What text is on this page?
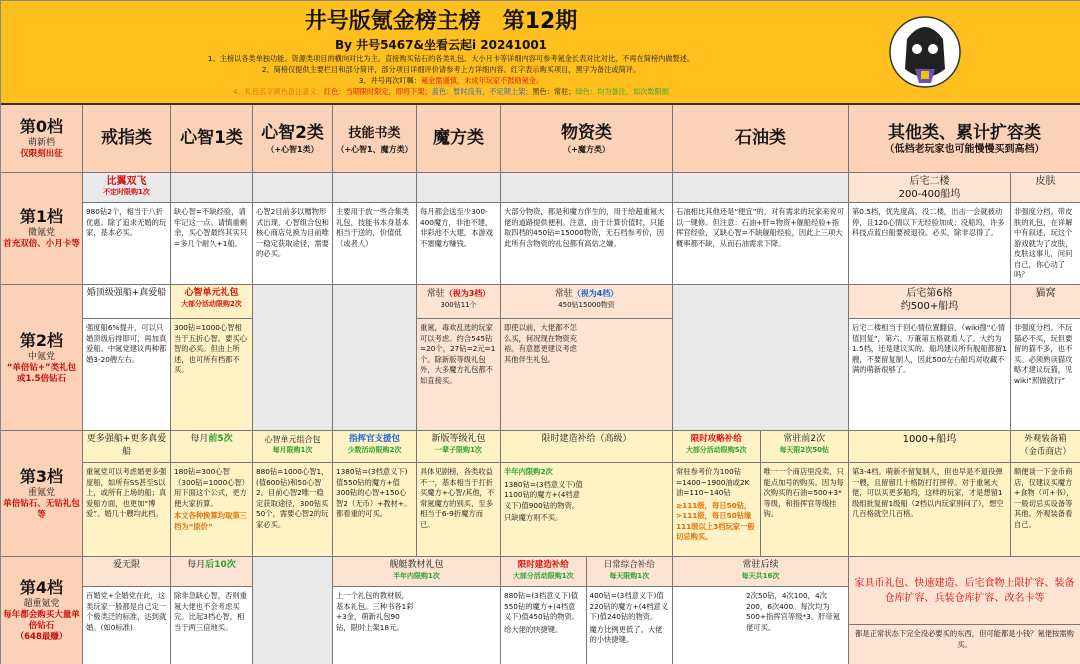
井号版氪金榜主榜　第12期
By 井号5467&坐看云起i 20241001
1、主榜以各类单独功能、资源类项目的横向对比为主。直接购买钻石的各类礼包、大小月卡等详细内容可参考氪金长表对比对比，不再在简榜内做赘述。
2、简榜仅提供主要栏目和部分简评，部分项目详细评价请参考上方详细内容。红字表示购买项目，黑字为备注或简评。
3、井号再次叮嘱：氪金需谨慎，未成年玩家不鼓励氪金。
4、礼包名字颜色备注意义：红色：当期限时限定，即将下架；蓝色：暂时没有，不定期上架；黑色：常驻；绿色：均为备注，如次数限制
第0档
萌新档
仅限刻出征
戒指类 心智1类 心智2类
（+心智1类）
技能书类
（+心智1、魔方类）
魔方类	物资类
（+魔方类）
石油类	其他类、累计扩容类
（低档老玩家也可能慢慢买到高档）
第1档
微氪党
首充双倍、小月卡等
比翼双飞
不定时限购1次
980钻2个，相当于八折优惠。除了追求无婚的玩家，基本必买。
缺心智=不缺经验，请牢记这一点。请慎重剩余，买心智最终其实只=多几个耐久+1船。
心智2目前多以赠物形式出现，心智组合包和核心商店兑换为目前唯一稳定获取途径，需要的必买。
主要用于放一些合集类礼包，技能书本身基本相当于送的，价值低（或者人）
每月都会送至少300-400魔方，非池不建，非彩池不大建，本游戏不塞魔方赚钱。
大部分物资，都是和魔方伴生的，用于给超重氪大佬的道路提供便利。注意，由于计算价值时，只能取四档的450钻=15000物资，无石档参考价，因此所有含物资的礼包都有高估之嫌。
石油相比其他还是“便宜”的，对有需求的玩家来说可以一键修。但注意：石油+肝=物资+舰船经验+指挥官经验，又缺心智=不缺舰船经验，因此上三项大概率都不缺，从而石油需求下降。
后宅二楼
200-400船坞
第0.5档，优先度高。没二楼，出击一会就被动停，且120心情以下无经验加成；没船坞，许多科技点蓝白船要被退役。必买，除非忍得了。
皮肤
非强度分档。带皮肤的礼包，在详解中有叙述，玩这个游戏就为了皮肤，皮肤这事儿，问问自己，你心动了吗？
第2档
中氪党
“单倍钻+”类礼包或1.5倍钻石
婚顶级强船+真爱船
强度船6%提升，可以只婚顶级后排即可，再加真爱船。中氪党建议两种都婚3-20艘左右。
心智单元礼包
大部分活动限购2次
300钻=1000心智相当于五折心智。要买心智的必买。但由上所述，也可所有档都不买。
常驻（视为3档）
300钻11个
重氪，毒欢乱选的玩家可以考虑。约合545钻=20个，27钻=2元=1个。除新版等级礼包外，大多魔方礼包都不如直接买。
常驻（视为4档）
450钻15000物资
即使以前，大佬都不怎么买，何况现在物资充裕。有意愿更建议考虑其他伴生礼包。
后宅第6格
约500+船坞
后宅二楼相当于回心情位置翻倍，（wiki搜“心情值回复”，第六、万董第五格就看人了。大约为1.5档，还是建议买的。船坞建议所有舰船都留1艘，不要留复制人，因此500左右船坞对收藏不满的萌新很够了。
猫窝
非强度分档。不玩猫必不买，玩但要留的猫不多，也不买。必须熟读猫攻略才建议玩猫，见wiki“照做就行”
第3档
重氪党
单倍钻石、无钻礼包等
更多强船+更多真爱船
重氪党可以考虑婚更多强度船，如所有SS甚至S以上，或所有上场的船；真爱船方面，也更加“博爱”。婚几十艘均此档。
每月前5次
180钻=300心智（300钻=1000心智）用下面这个公式，更方便大家折算。
本文各种换算均取第三档为“原价”
心智单元组合包
每月限购1次
880钻=1000心智1，(值600钻)和50心智2。目前心智2唯一稳定获取途径，300钻买50个，需要心智2的玩家必买。
指挥官支援包
少数活动限购2次
1380钻=(3档意义下)值550钻的魔方+值300钻的心智+150心智2（无币）+教材+。都看重的可买。
新版等级礼包
一辈子限购1次
具体见剧榜，各类收益不一，基本相当于打折买魔方+心智/其他，不常氪魔方的别买，至多相当于6-9折魔方而已。
限时建造补给（高级）
半年内限购2次
1380钻=(3档意义下)值1100钻的魔方+(4档意义下)值900钻的物资。
只缺魔方则不买。
限时攻略补给
大部分活动限购5次
常驻参考价为100钻=1400~1900油或2K油=110~140钻
≥111级，每日50钻，>111级，每日50钻缘111级以上3档玩家一般切忌购买。
常驻前2次
每天限2次50钻
唯一一个商店里没卖、只能点加号的购买。因为每次购买的石油=500+3*等级，和指挥官等级挂钩。
1000+船坞
第3-4档。萌新不留复制人，但也早是不退役弹一艘，且留留几十格防打打摔停。对于重氪大佬，可以买更多船坞，这样的玩家，才是想留1级组批复留1级船（2档以内玩家别问了），想空几百格就空几百格。
外观装备箱
（金币商店）
顺便谈一下金币商店，仅建议买魔方+食物（可+书），一般切忌买设备等其他。外观装备看自己。
第4档
超重氪党
每年都会购买大量单倍钻石
（648最赚）
爱无限
百婚党+全婚党在此，这类玩家一般都是自己定一个极类泛的标准，达到就婚。(如0标准)
每月后10次
除非急缺心智，否则重氪大佬也不会考虑买完。比起3档心智，相当于两三倍地买。
舰艇教材礼包
半年内限购1次
上一个礼包的教材版，基本礼包。三种书各1彩+3金，萌新礼包90钻，限时上架18元。
限时建造补给
大部分活动限购1次
880钻=(3档意义下)值550钻的魔方+(4档意义下)值450钻的物资。
给大佬的快捷键。
日常综合补给
每天限购1次
400钻=(3档意义下)值220钻的魔方+(4档意义下)值240钻的物资。
魔方比例更低了。大佬的小快捷键。
常驻后续
每天共16次
2次50钻，4次100，4次200，6次400。每次均为500+指挥官等级*3。肝帝氪佬可买。
家具币礼包、快速建造、后宅食物上限扩容、装备仓库扩容、兵装仓库扩容、改名卡等
都是正常状态下完全没必要买的东西，但可能都是小钱？氪佬按需购买。
